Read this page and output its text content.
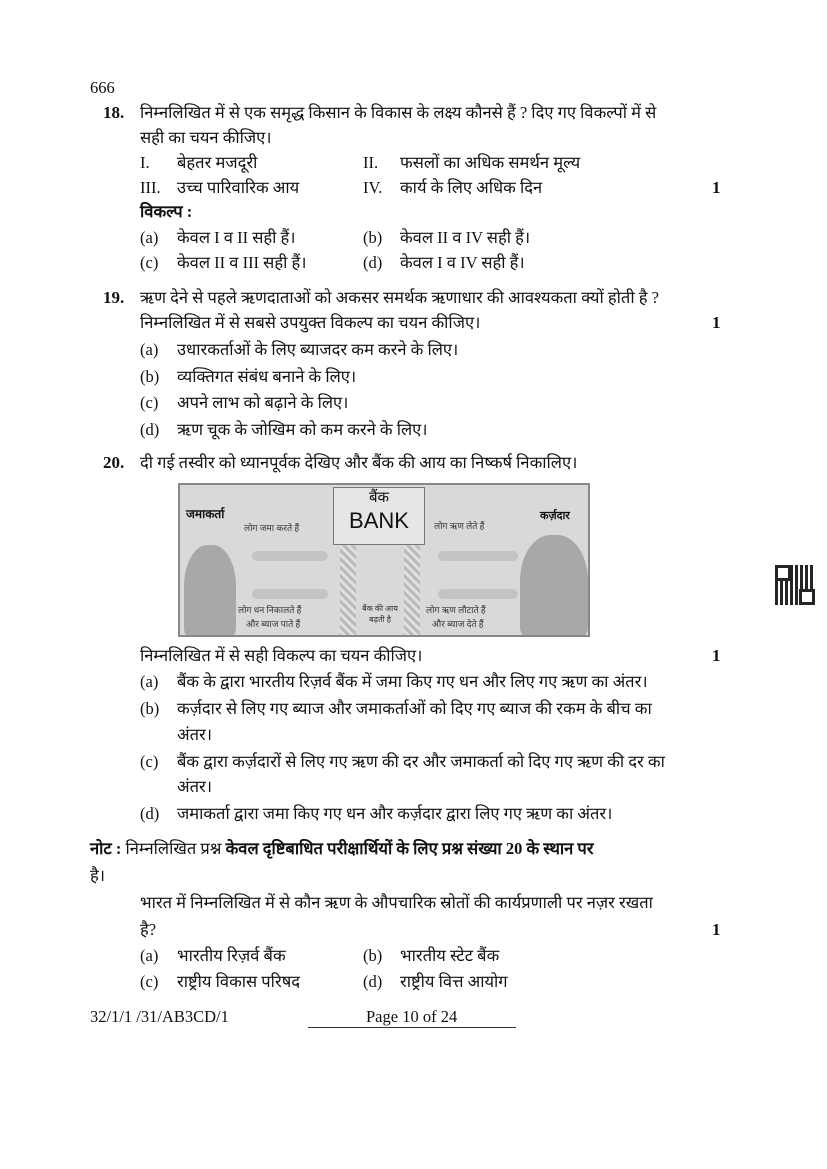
666
18. निम्नलिखित में से एक समृद्ध किसान के विकास के लक्ष्य कौनसे हैं ? दिए गए विकल्पों में से
सही का चयन कीजिए।
I. बेहतर मजदूरी	II. फसलों का अधिक समर्थन मूल्य
III. उच्च पारिवारिक आय	IV. कार्य के लिए अधिक दिन	1
विकल्प :
(a) केवल I व II सही हैं।	(b) केवल II व IV सही हैं।
(c) केवल II व III सही हैं।	(d) केवल I व IV सही हैं।
19. ऋण देने से पहले ऋणदाताओं को अकसर समर्थक ऋणाधार की आवश्यकता क्यों होती है ?
निम्नलिखित में से सबसे उपयुक्त विकल्प का चयन कीजिए।	1
(a) उधारकर्ताओं के लिए ब्याजदर कम करने के लिए।
(b) व्यक्तिगत संबंध बनाने के लिए।
(c) अपने लाभ को बढ़ाने के लिए।
(d) ऋण चूक के जोखिम को कम करने के लिए।
20. दी गई तस्वीर को ध्यानपूर्वक देखिए और बैंक की आय का निष्कर्ष निकालिए।
जमाकर्ता
लोग जमा करते हैं
लोग धन निकालते हैं
और ब्याज पाते हैं
बैंक
BANK
बैंक की आय
बढ़ती है
लोग ऋण लेते हैं
कर्ज़दार
लोग ऋण लौटाते हैं
और ब्याज देते हैं
निम्नलिखित में से सही विकल्प का चयन कीजिए।	1
(a) बैंक के द्वारा भारतीय रिज़र्व बैंक में जमा किए गए धन और लिए गए ऋण का अंतर।
(b) कर्ज़दार से लिए गए ब्याज और जमाकर्ताओं को दिए गए ब्याज की रकम के बीच का
अंतर।
(c) बैंक द्वारा कर्ज़दारों से लिए गए ऋण की दर और जमाकर्ता को दिए गए ऋण की दर का
अंतर।
(d) जमाकर्ता द्वारा जमा किए गए धन और कर्ज़दार द्वारा लिए गए ऋण का अंतर।
नोट : निम्नलिखित प्रश्न केवल दृष्टिबाधित परीक्षार्थियों के लिए प्रश्न संख्या 20 के स्थान पर
है।
भारत में निम्नलिखित में से कौन ऋण के औपचारिक स्रोतों की कार्यप्रणाली पर नज़र रखता
है?	1
(a) भारतीय रिज़र्व बैंक	(b) भारतीय स्टेट बैंक
(c) राष्ट्रीय विकास परिषद	(d) राष्ट्रीय वित्त आयोग
32/1/1 /31/AB3CD/1	Page 10 of 24
